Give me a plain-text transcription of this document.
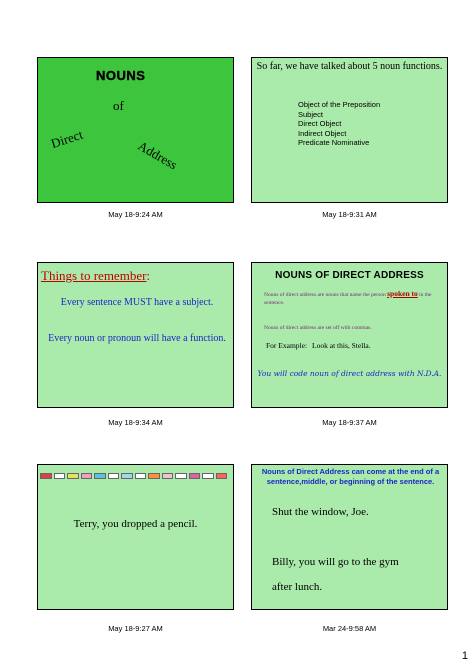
NOUNS
of
Direct	Address
May 18-9:24 AM
So far, we have talked about 5 noun functions.
Object of the Preposition
Subject
Direct Object
Indirect Object
Predicate Nominative
May 18-9:31 AM
Things to remember:
Every sentence MUST have a subject.
Every noun or pronoun will have a function.
May 18-9:34 AM
NOUNS OF DIRECT ADDRESS
Nouns of direct address are nouns that name the person spoken to in the sentence.
Nouns of direct address are set off with commas.
For Example: Look at this, Stella.
You will code noun of direct address with N.D.A.
May 18-9:37 AM
Terry, you dropped a pencil.
May 18-9:27 AM
Nouns of Direct Address can come at the end of a sentence,middle, or beginning of the sentence.
Shut the window, Joe.
Billy, you will go to the gym
after lunch.
Mar 24-9:58 AM
1
